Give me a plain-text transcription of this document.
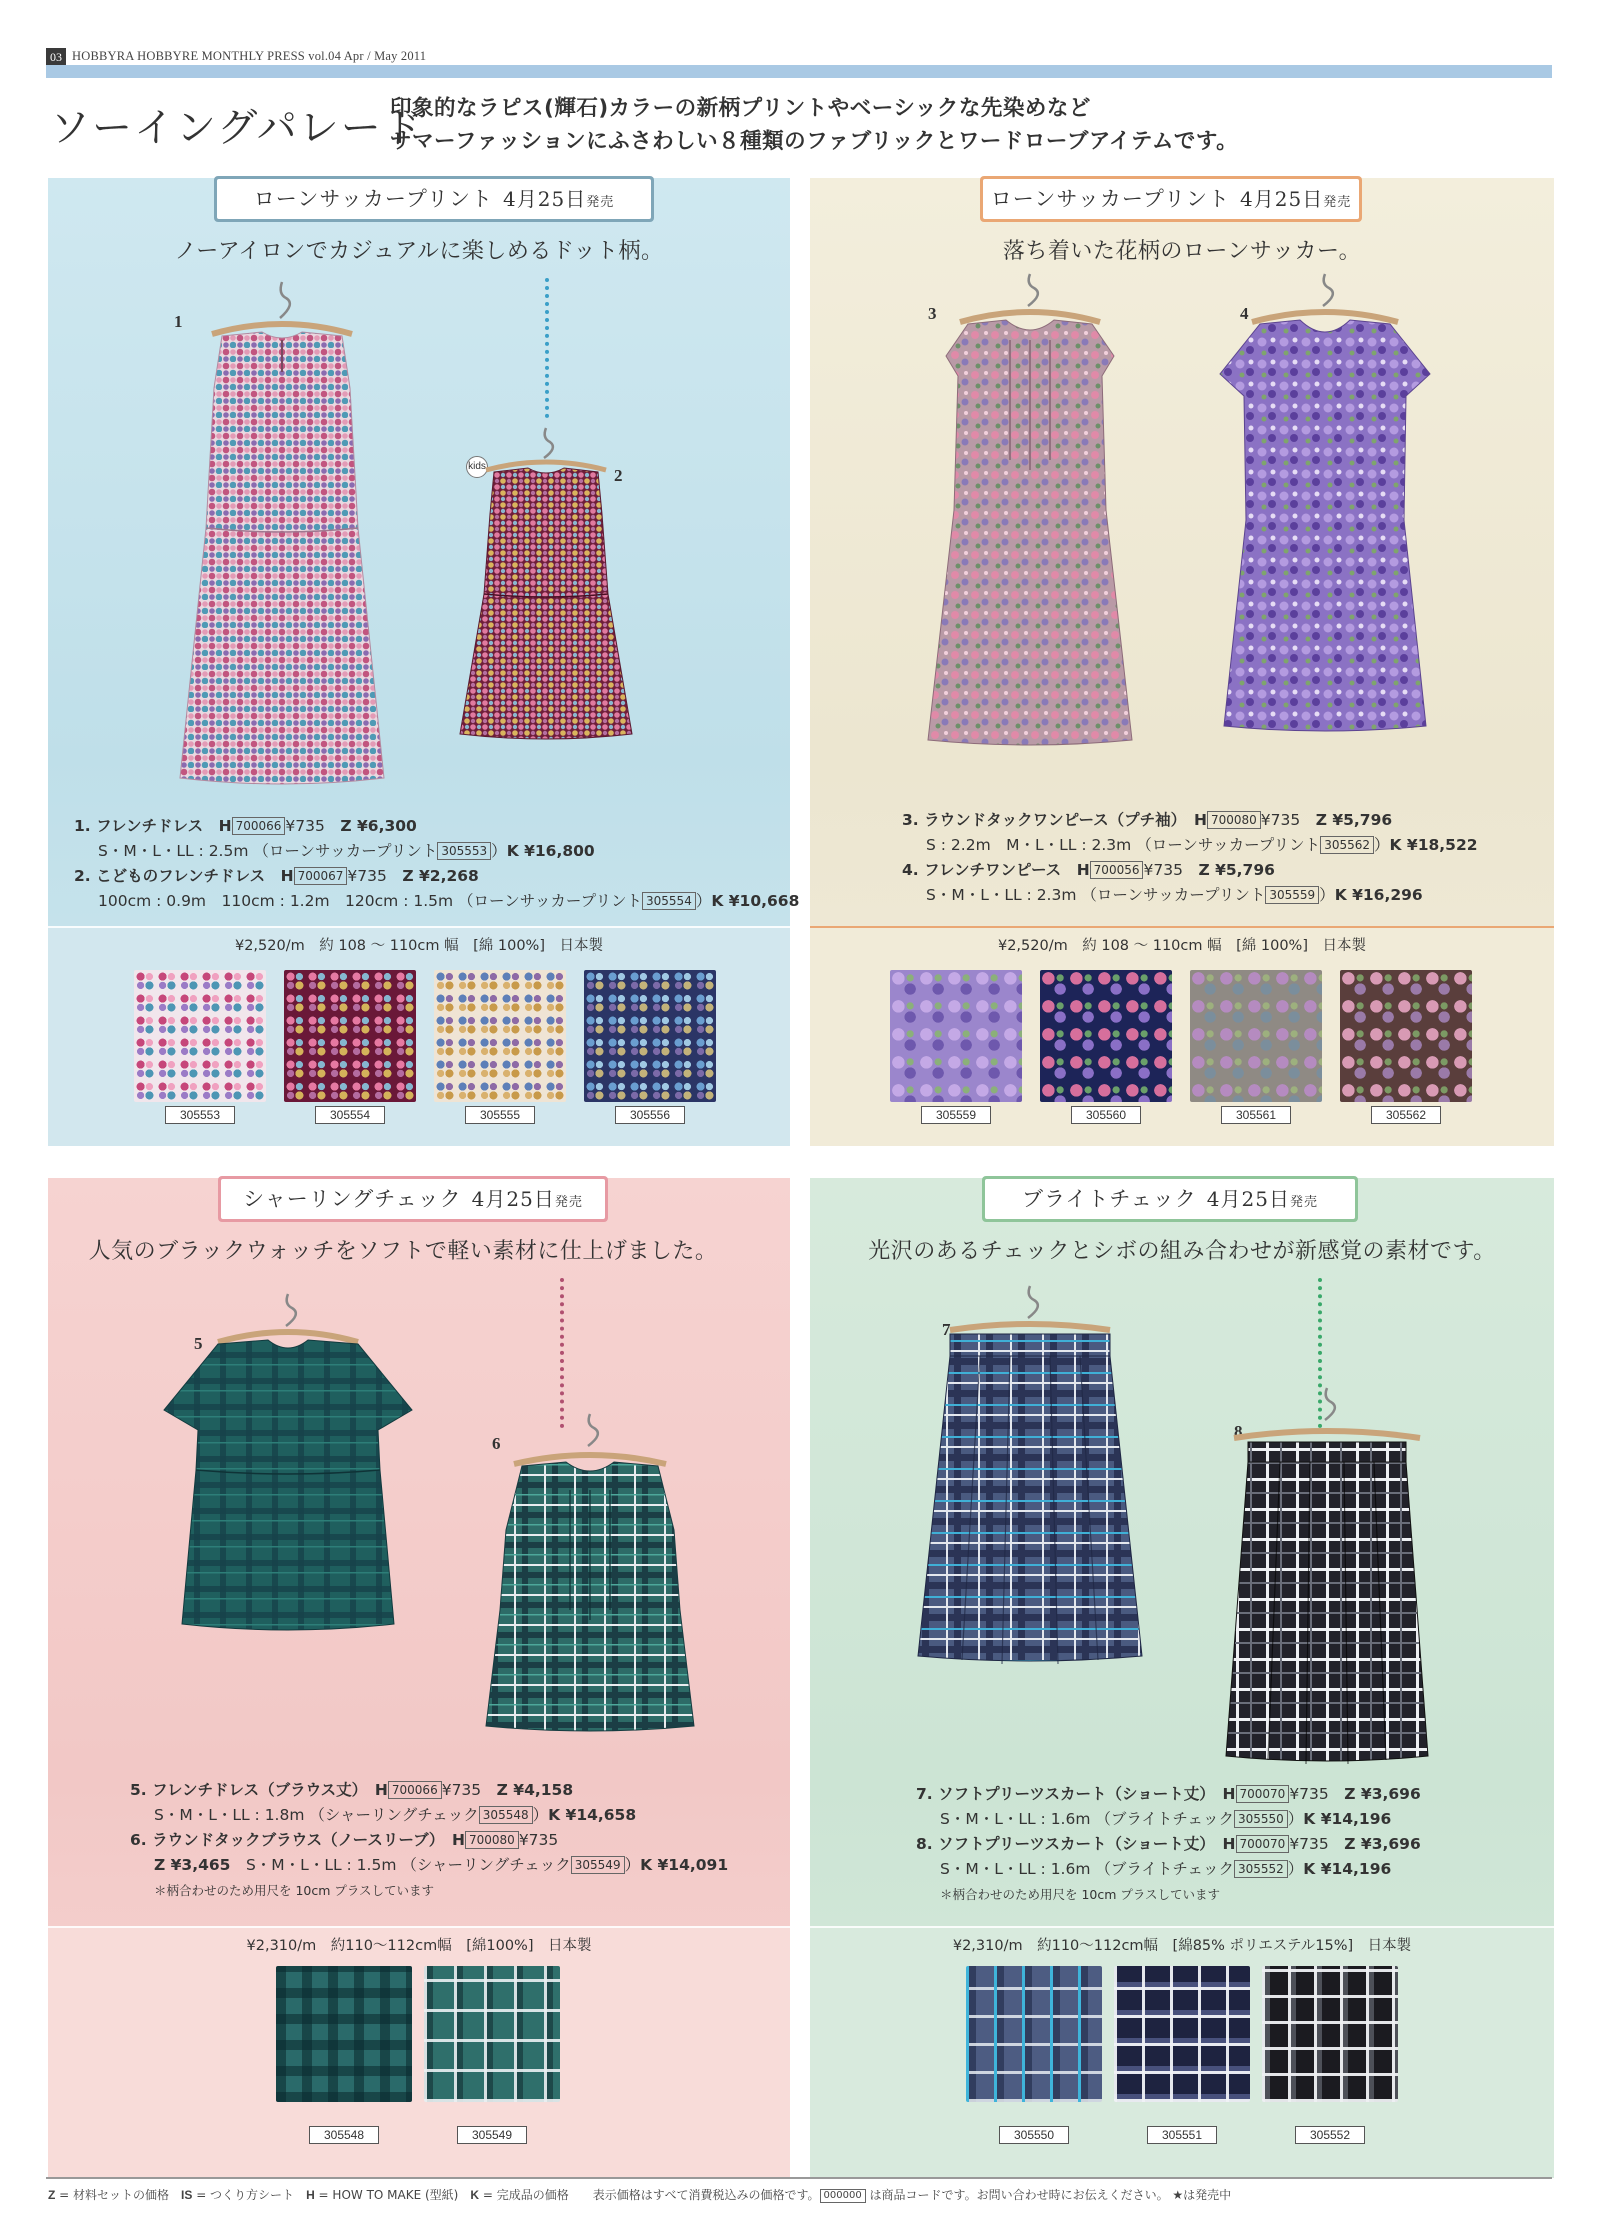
03 HOBBYRA HOBBYRE MONTHLY PRESS vol.04 Apr / May 2011
ソーイングパレード
印象的なラピス(輝石)カラーの新柄プリントやベーシックな先染めなど
サマーファッションにふさわしい８種類のファブリックとワードローブアイテムです。
ローンサッカープリント 4月25日発売
ノーアイロンでカジュアルに楽しめるドット柄。
1
2
kids
1. フレンチドレス　 H 700066 ¥735　 Z ¥6,300
S・M・L・LL : 2.5m （ローンサッカープリント 305553 ）K ¥16,800
2. こどものフレンチドレス　 H 700067 ¥735　 Z ¥2,268
100cm : 0.9m　110cm : 1.2m　120cm : 1.5m （ローンサッカープリント 305554 ）K ¥10,668
¥2,520/m　約 108 ～ 110cm 幅　[綿 100%]　日本製
305553	305554	305555	305556
ローンサッカープリント 4月25日発売
落ち着いた花柄のローンサッカー。
3	4
3. ラウンドタックワンピース（プチ袖）　 H 700080 ¥735　 Z ¥5,796
S : 2.2m　M・L・LL : 2.3m （ローンサッカープリント 305562 ）K ¥18,522
4. フレンチワンピース　 H 700056 ¥735　 Z ¥5,796
S・M・L・LL : 2.3m （ローンサッカープリント 305559 ）K ¥16,296
¥2,520/m　約 108 ～ 110cm 幅　[綿 100%]　日本製
305559	305560	305561	305562
シャーリングチェック 4月25日発売
人気のブラックウォッチをソフトで軽い素材に仕上げました。
5
6
5. フレンチドレス（ブラウス丈）　 H 700066 ¥735　 Z ¥4,158
S・M・L・LL : 1.8m （シャーリングチェック 305548 ）K ¥14,658
6. ラウンドタックブラウス（ノースリーブ）　 H 700080 ¥735
Z ¥3,465　 S・M・L・LL : 1.5m （シャーリングチェック 305549 ）K ¥14,091
＊柄合わせのため用尺を 10cm プラスしています
¥2,310/m　約110～112cm幅　[綿100%]　日本製
305548	305549
ブライトチェック 4月25日発売
光沢のあるチェックとシボの組み合わせが新感覚の素材です。
7
8
7. ソフトプリーツスカート（ショート丈）　 H 700070 ¥735　 Z ¥3,696
S・M・L・LL : 1.6m （ブライトチェック 305550 ）K ¥14,196
8. ソフトプリーツスカート（ショート丈）　 H 700070 ¥735　 Z ¥3,696
S・M・L・LL : 1.6m （ブライトチェック 305552 ）K ¥14,196
＊柄合わせのため用尺を 10cm プラスしています
¥2,310/m　約110～112cm幅　[綿85% ポリエステル15%]　日本製
305550	305551	305552
Z = 材料セットの価格　IS = つくり方シート　H = HOW TO MAKE (型紙)　K = 完成品の価格　　表示価格はすべて消費税込みの価格です。 000000 は商品コードです。お問い合わせ時にお伝えください。 ★は発売中
